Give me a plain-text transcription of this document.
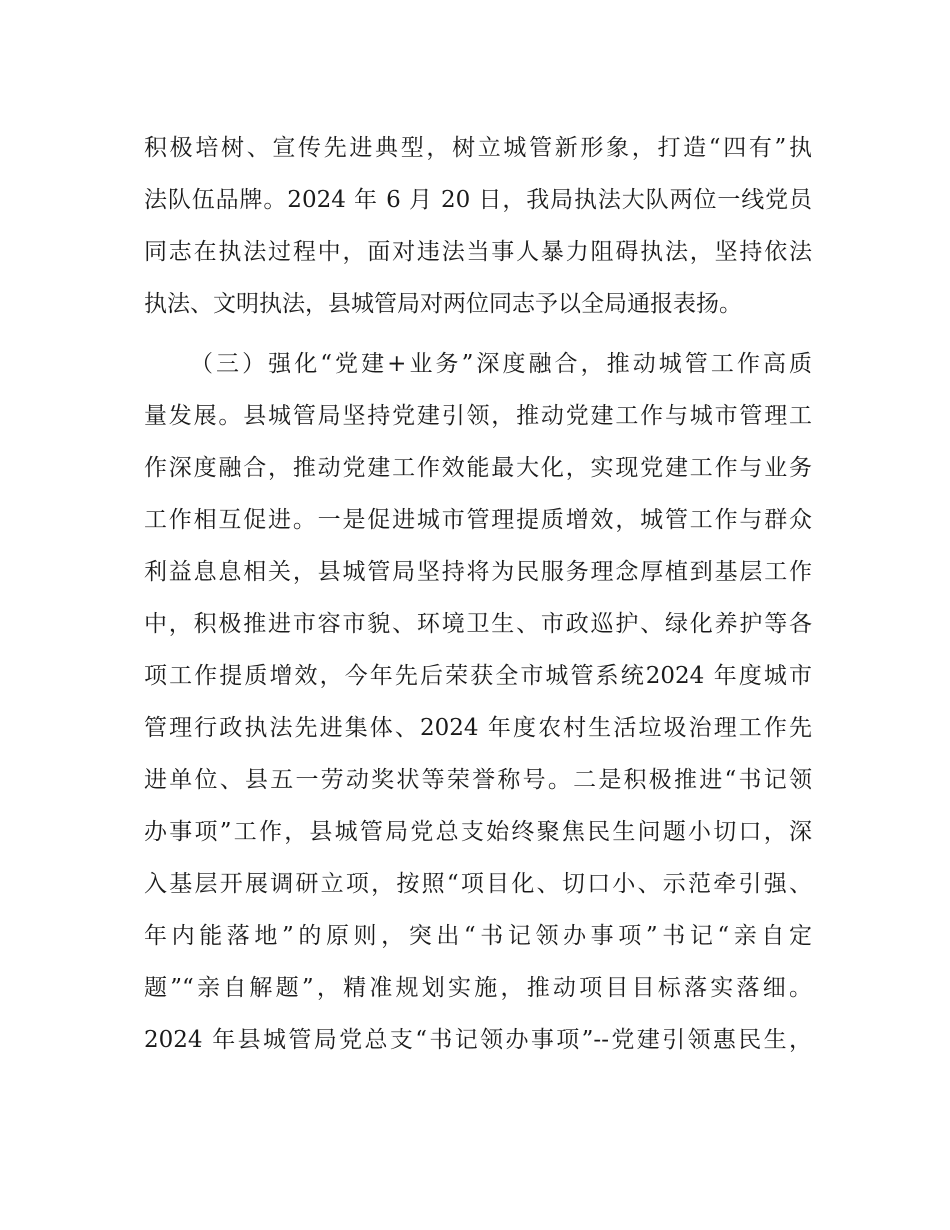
积极培树、宣传先进典型，树立城管新形象，打造“四有”执
法队伍品牌。2024 年 6 月 20 日，我局执法大队两位一线党员
同志在执法过程中，面对违法当事人暴力阻碍执法，坚持依法
执法、文明执法，县城管局对两位同志予以全局通报表扬。
（三）强化“党建+业务”深度融合，推动城管工作高质
量发展。县城管局坚持党建引领，推动党建工作与城市管理工
作深度融合，推动党建工作效能最大化，实现党建工作与业务
工作相互促进。一是促进城市管理提质增效，城管工作与群众
利益息息相关，县城管局坚持将为民服务理念厚植到基层工作
中，积极推进市容市貌、环境卫生、市政巡护、绿化养护等各
项工作提质增效，今年先后荣获全市城管系统2024 年度城市
管理行政执法先进集体、2024 年度农村生活垃圾治理工作先
进单位、县五一劳动奖状等荣誉称号。二是积极推进“书记领
办事项”工作，县城管局党总支始终聚焦民生问题小切口，深
入基层开展调研立项，按照“项目化、切口小、示范牵引强、
年内能落地”的原则，突出“书记领办事项”书记“亲自定
题”“亲自解题”，精准规划实施，推动项目目标落实落细。
2024 年县城管局党总支“书记领办事项”--党建引领惠民生，
